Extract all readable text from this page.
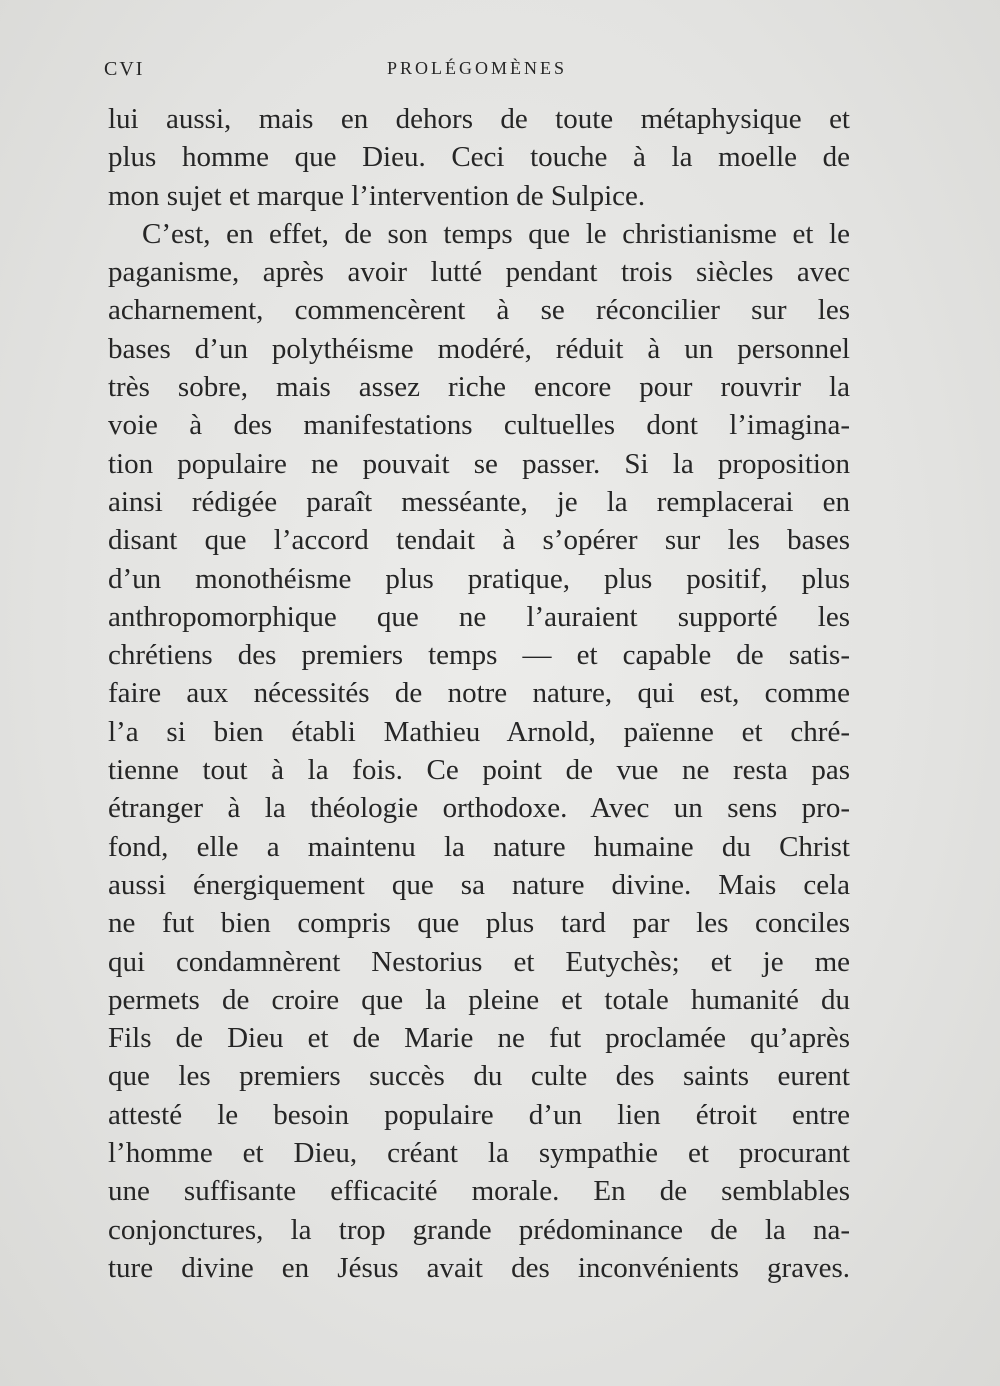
CVI	PROLÉGOMÈNES
lui aussi, mais en dehors de toute métaphysique et
plus homme que Dieu. Ceci touche à la moelle de
mon sujet et marque l’intervention de Sulpice.
C’est, en effet, de son temps que le christianisme et le
paganisme, après avoir lutté pendant trois siècles avec
acharnement, commencèrent à se réconcilier sur les
bases d’un polythéisme modéré, réduit à un personnel
très sobre, mais assez riche encore pour rouvrir la
voie à des manifestations cultuelles dont l’imagina-
tion populaire ne pouvait se passer. Si la proposition
ainsi rédigée paraît messéante, je la remplacerai en
disant que l’accord tendait à s’opérer sur les bases
d’un monothéisme plus pratique, plus positif, plus
anthropomorphique que ne l’auraient supporté les
chrétiens des premiers temps — et capable de satis-
faire aux nécessités de notre nature, qui est, comme
l’a si bien établi Mathieu Arnold, païenne et chré-
tienne tout à la fois. Ce point de vue ne resta pas
étranger à la théologie orthodoxe. Avec un sens pro-
fond, elle a maintenu la nature humaine du Christ
aussi énergiquement que sa nature divine. Mais cela
ne fut bien compris que plus tard par les conciles
qui condamnèrent Nestorius et Eutychès; et je me
permets de croire que la pleine et totale humanité du
Fils de Dieu et de Marie ne fut proclamée qu’après
que les premiers succès du culte des saints eurent
attesté le besoin populaire d’un lien étroit entre
l’homme et Dieu, créant la sympathie et procurant
une suffisante efficacité morale. En de semblables
conjonctures, la trop grande prédominance de la na-
ture divine en Jésus avait des inconvénients graves.
